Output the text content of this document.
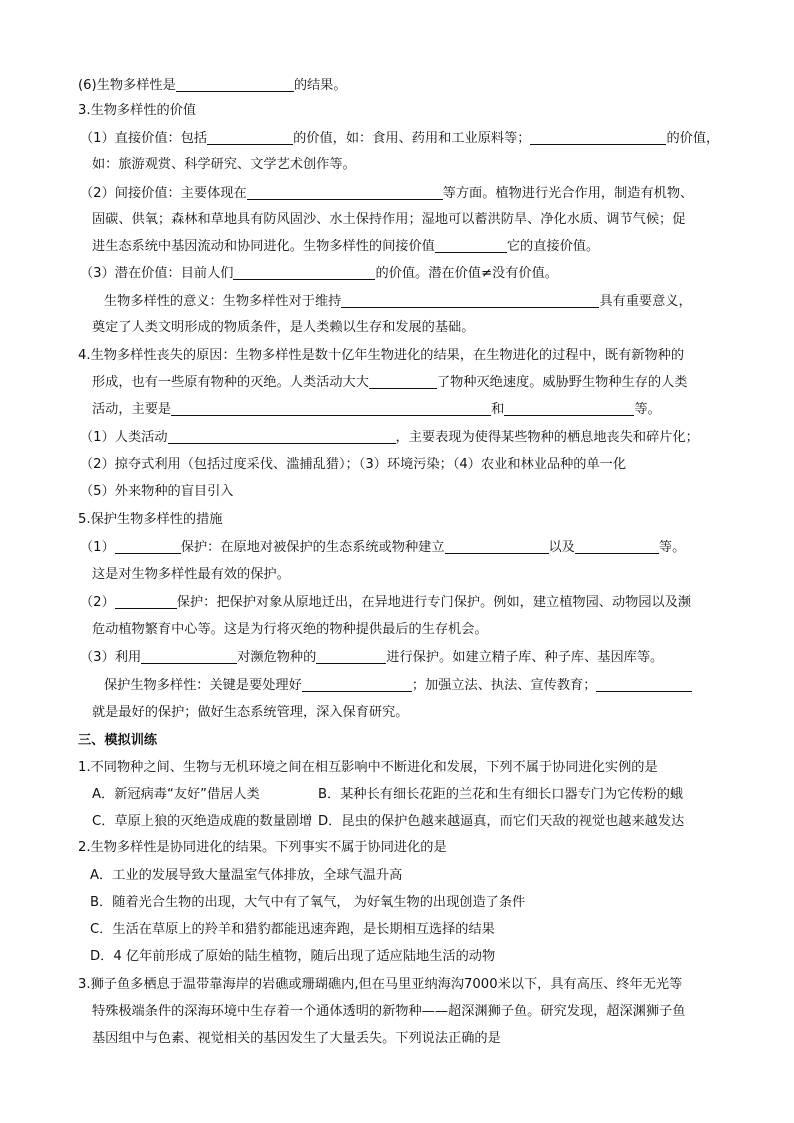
(6)生物多样性是	的结果。
3.生物多样性的价值
（1）直接价值：包括	的价值，如：食用、药用和工业原料等；	的价值，
如：旅游观赏、科学研究、文学艺术创作等。
（2）间接价值：主要体现在	等方面。植物进行光合作用，制造有机物、
固碳、供氧；森林和草地具有防风固沙、水土保持作用；湿地可以蓄洪防旱、净化水质、调节气候；促
进生态系统中基因流动和协同进化。生物多样性的间接价值	它的直接价值。
（3）潜在价值：目前人们	的价值。潜在价值≠没有价值。
生物多样性的意义：生物多样性对于维持	具有重要意义，
奠定了人类文明形成的物质条件，是人类赖以生存和发展的基础。
4.生物多样性丧失的原因：生物多样性是数十亿年生物进化的结果，在生物进化的过程中，既有新物种的
形成，也有一些原有物种的灭绝。人类活动大大	了物种灭绝速度。威胁野生物种生存的人类
活动，主要是	和	等。
（1）人类活动	，主要表现为使得某些物种的栖息地丧失和碎片化；
（2）掠夺式利用（包括过度采伐、滥捕乱猎）；（3）环境污染；（4）农业和林业品种的单一化
（5）外来物种的盲目引入
5.保护生物多样性的措施
（1）	保护：在原地对被保护的生态系统或物种建立	以及	等。
这是对生物多样性最有效的保护。
（2）	保护：把保护对象从原地迁出，在异地进行专门保护。例如，建立植物园、动物园以及濒
危动植物繁育中心等。这是为行将灭绝的物种提供最后的生存机会。
（3）利用	对濒危物种的	进行保护。如建立精子库、种子库、基因库等。
保护生物多样性：关键是要处理好	；加强立法、执法、宣传教育；
就是最好的保护；做好生态系统管理，深入保育研究。
三、模拟训练
1.不同物种之间、生物与无机环境之间在相互影响中不断进化和发展，下列不属于协同进化实例的是
A．新冠病毒“友好”借居人类	B．某种长有细长花距的兰花和生有细长口器专门为它传粉的蛾
C．草原上狼的灭绝造成鹿的数量剧增 D．昆虫的保护色越来越逼真，而它们天敌的视觉也越来越发达
2.生物多样性是协同进化的结果。下列事实不属于协同进化的是
A．工业的发展导致大量温室气体排放，全球气温升高
B．随着光合生物的出现，大气中有了氧气， 为好氧生物的出现创造了条件
C．生活在草原上的羚羊和猎豹都能迅速奔跑，是长期相互选择的结果
D．4 亿年前形成了原始的陆生植物，随后出现了适应陆地生活的动物
3.狮子鱼多栖息于温带靠海岸的岩礁或珊瑚礁内,但在马里亚纳海沟7000米以下，具有高压、终年无光等
特殊极端条件的深海环境中生存着一个通体透明的新物种——超深渊狮子鱼。研究发现，超深渊狮子鱼
基因组中与色素、视觉相关的基因发生了大量丢失。下列说法正确的是
